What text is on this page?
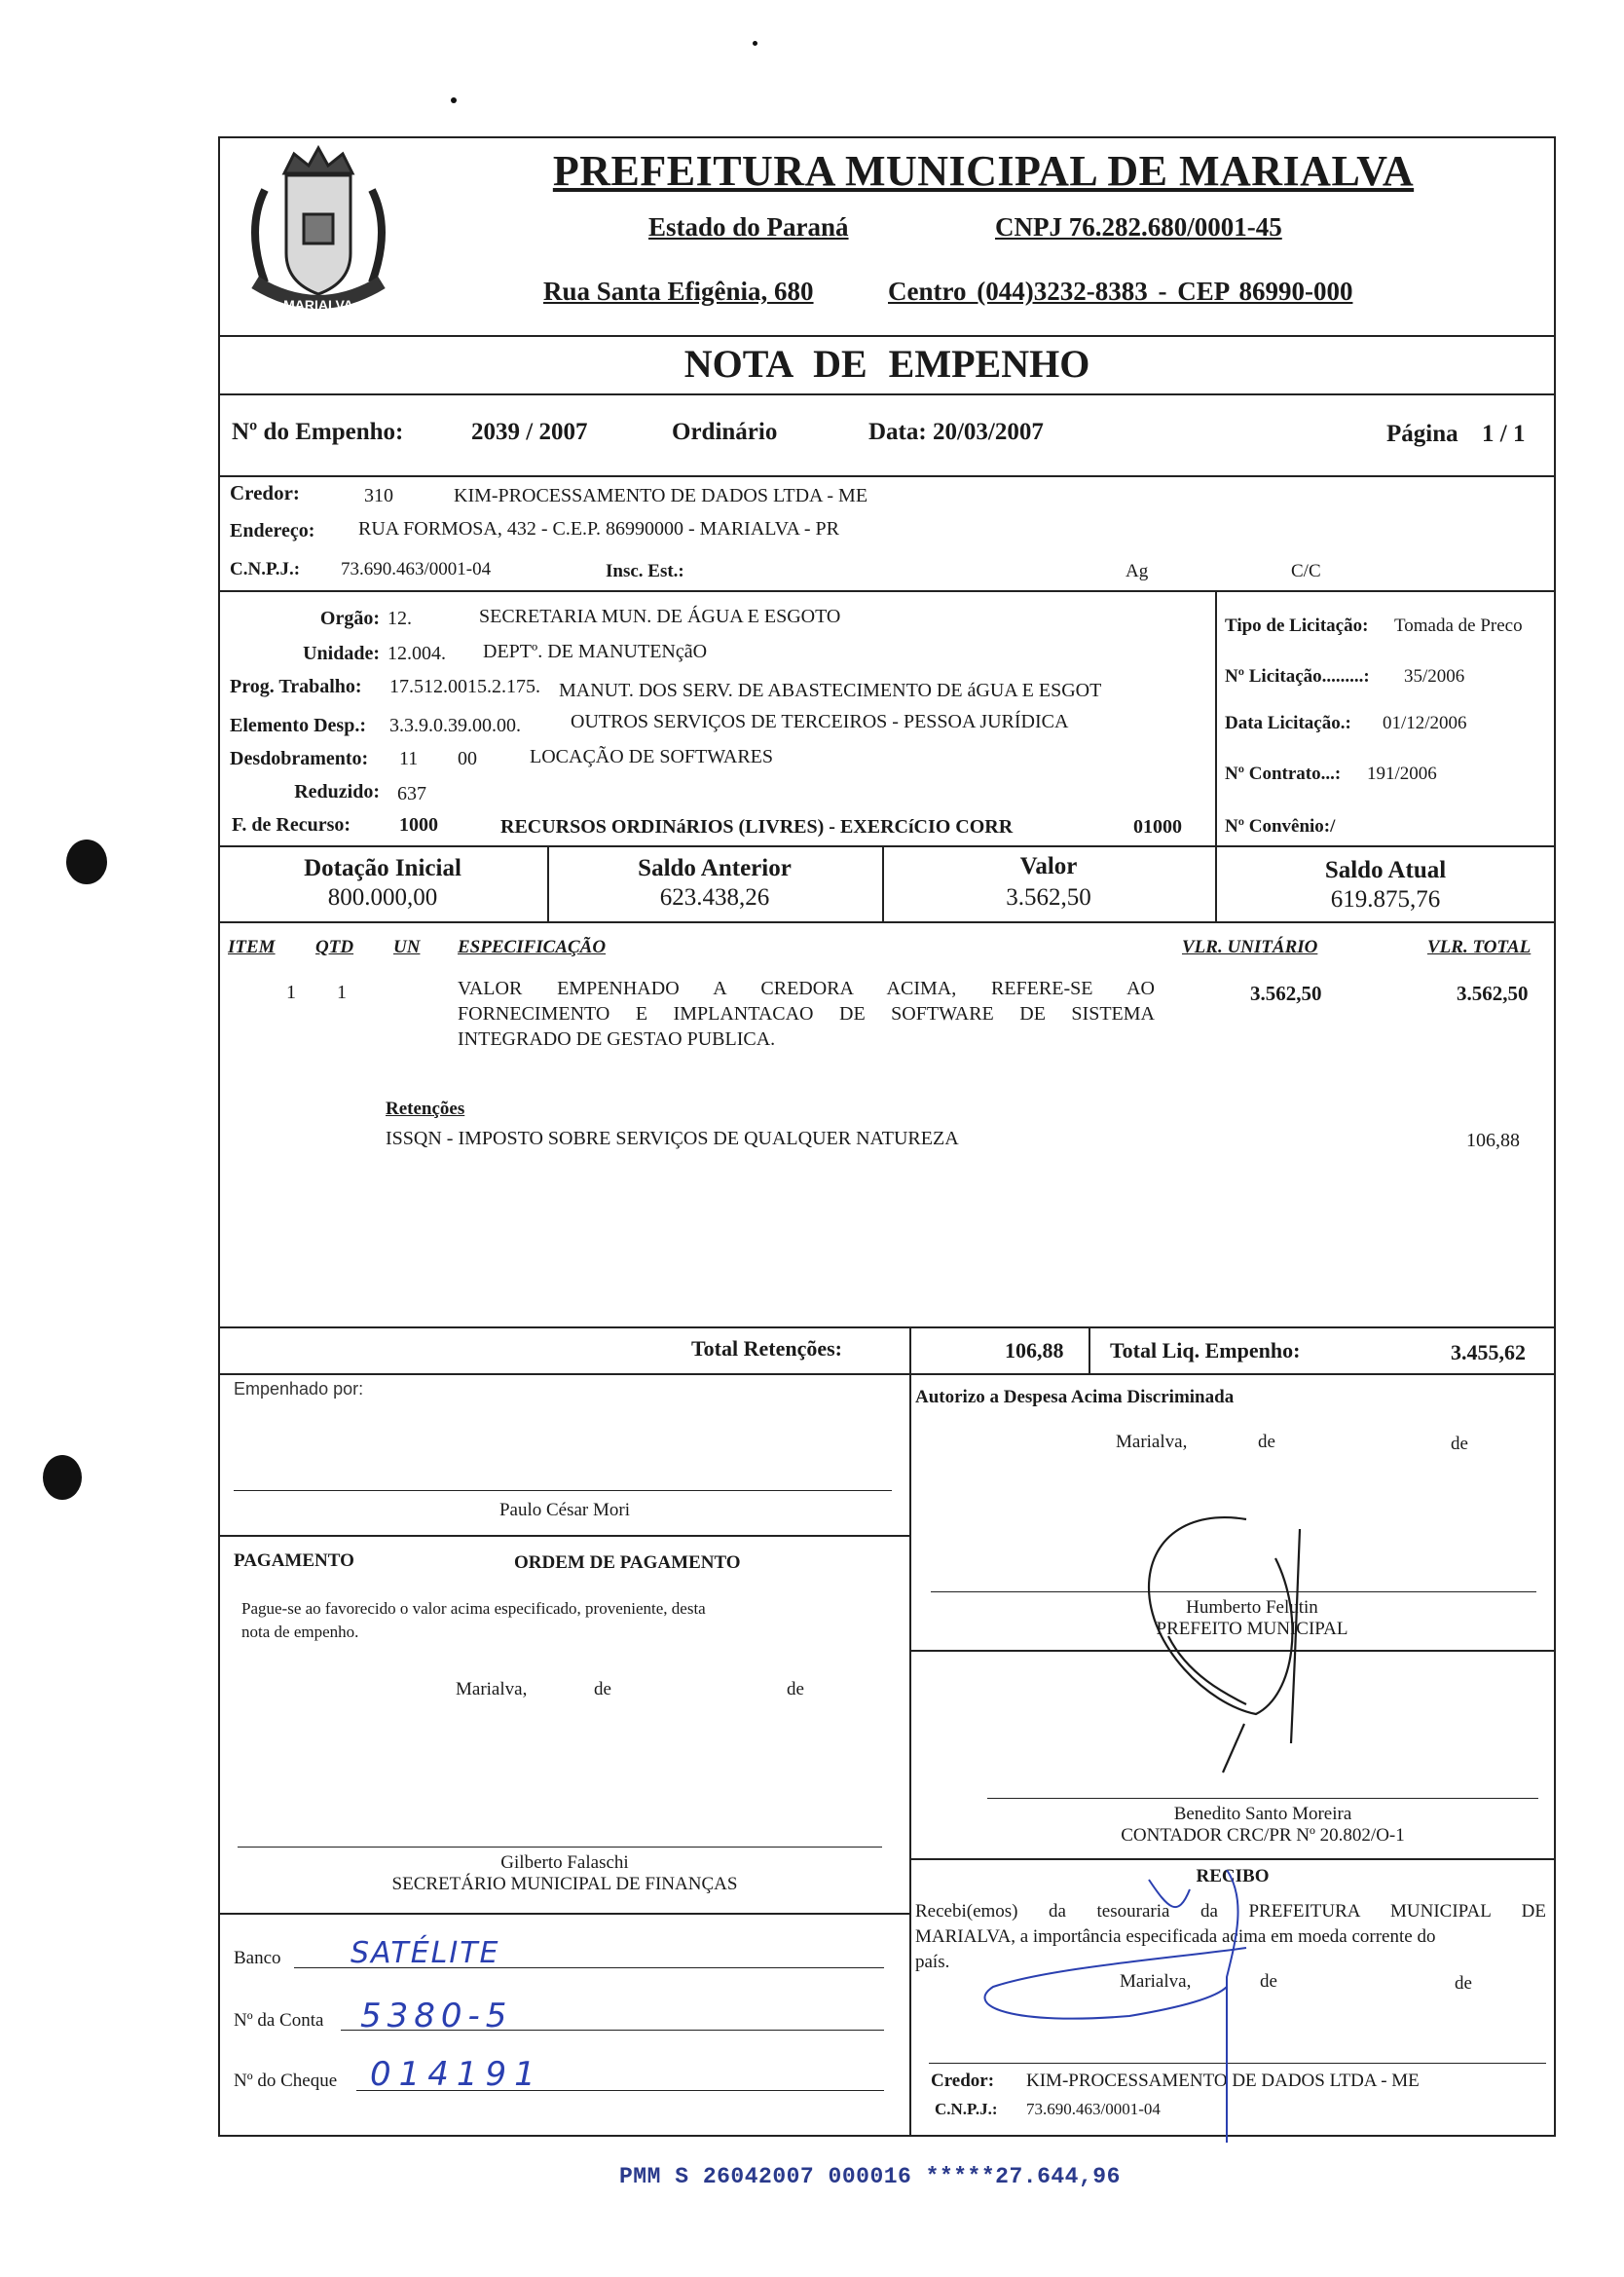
MARIALVA
PREFEITURA MUNICIPAL DE MARIALVA
Estado do Paraná	CNPJ 76.282.680/0001-45
Rua Santa Efigênia, 680	Centro (044)3232-8383 - CEP 86990-000
NOTA DE EMPENHO
Nº do Empenho:	2039 / 2007	Ordinário	Data: 20/03/2007	Página 1 / 1
Credor:	310	KIM-PROCESSAMENTO DE DADOS LTDA - ME
Endereço: RUA FORMOSA, 432 - C.E.P. 86990000 - MARIALVA - PR
C.N.P.J.: 73.690.463/0001-04	Insc. Est.:	Ag	C/C
Orgão: 12.	SECRETARIA MUN. DE ÁGUA E ESGOTO
Unidade: 12.004. DEPTº. DE MANUTENçãO
Prog. Trabalho: 17.512.0015.2.175. MANUT. DOS SERV. DE ABASTECIMENTO DE áGUA E ESGOT
Elemento Desp.: 3.3.9.0.39.00.00.	OUTROS SERVIÇOS DE TERCEIROS - PESSOA JURÍDICA
Desdobramento: 11 00	LOCAÇÃO DE SOFTWARES
Reduzido: 637
F. de Recurso: 1000	RECURSOS ORDINáRIOS (LIVRES) - EXERCíCIO CORR	01000
Tipo de Licitação: Tomada de Preco
Nº Licitação.........: 35/2006
Data Licitação.: 01/12/2006
Nº Contrato...: 191/2006
Nº Convênio:/
Dotação Inicial
800.000,00
Saldo Anterior
623.438,26
Valor
3.562,50
Saldo Atual
619.875,76
ITEM QTD UN ESPECIFICAÇÃO	VLR. UNITÁRIO	VLR. TOTAL
1 1	VALOR EMPENHADO A CREDORA ACIMA, REFERE-SE AO
FORNECIMENTO E IMPLANTACAO DE SOFTWARE DE SISTEMA
INTEGRADO DE GESTAO PUBLICA.
3.562,50	3.562,50
Retenções
ISSQN - IMPOSTO SOBRE SERVIÇOS DE QUALQUER NATUREZA	106,88
Total Retenções:	106,88 Total Liq. Empenho:	3.455,62
Empenhado por:
Paulo César Mori
Autorizo a Despesa Acima Discriminada
Marialva,	de	de
Humberto Felutin
PREFEITO MUNICIPAL
Benedito Santo Moreira
CONTADOR CRC/PR Nº 20.802/O-1
PAGAMENTO	ORDEM DE PAGAMENTO
Pague-se ao favorecido o valor acima especificado, proveniente, desta
nota de empenho.
Marialva,	de	de
Gilberto Falaschi
SECRETÁRIO MUNICIPAL DE FINANÇAS
Banco SATÉLITE
Nº da Conta 5380-5
Nº do Cheque 014191
RECIBO
Recebi(emos) da tesouraria da PREFEITURA MUNICIPAL DE
MARIALVA, a importância especificada acima em moeda corrente do
país.
Marialva,	de	de
Credor: KIM-PROCESSAMENTO DE DADOS LTDA - ME
C.N.P.J.: 73.690.463/0001-04
PMM S 26042007 000016 *****27.644,96
